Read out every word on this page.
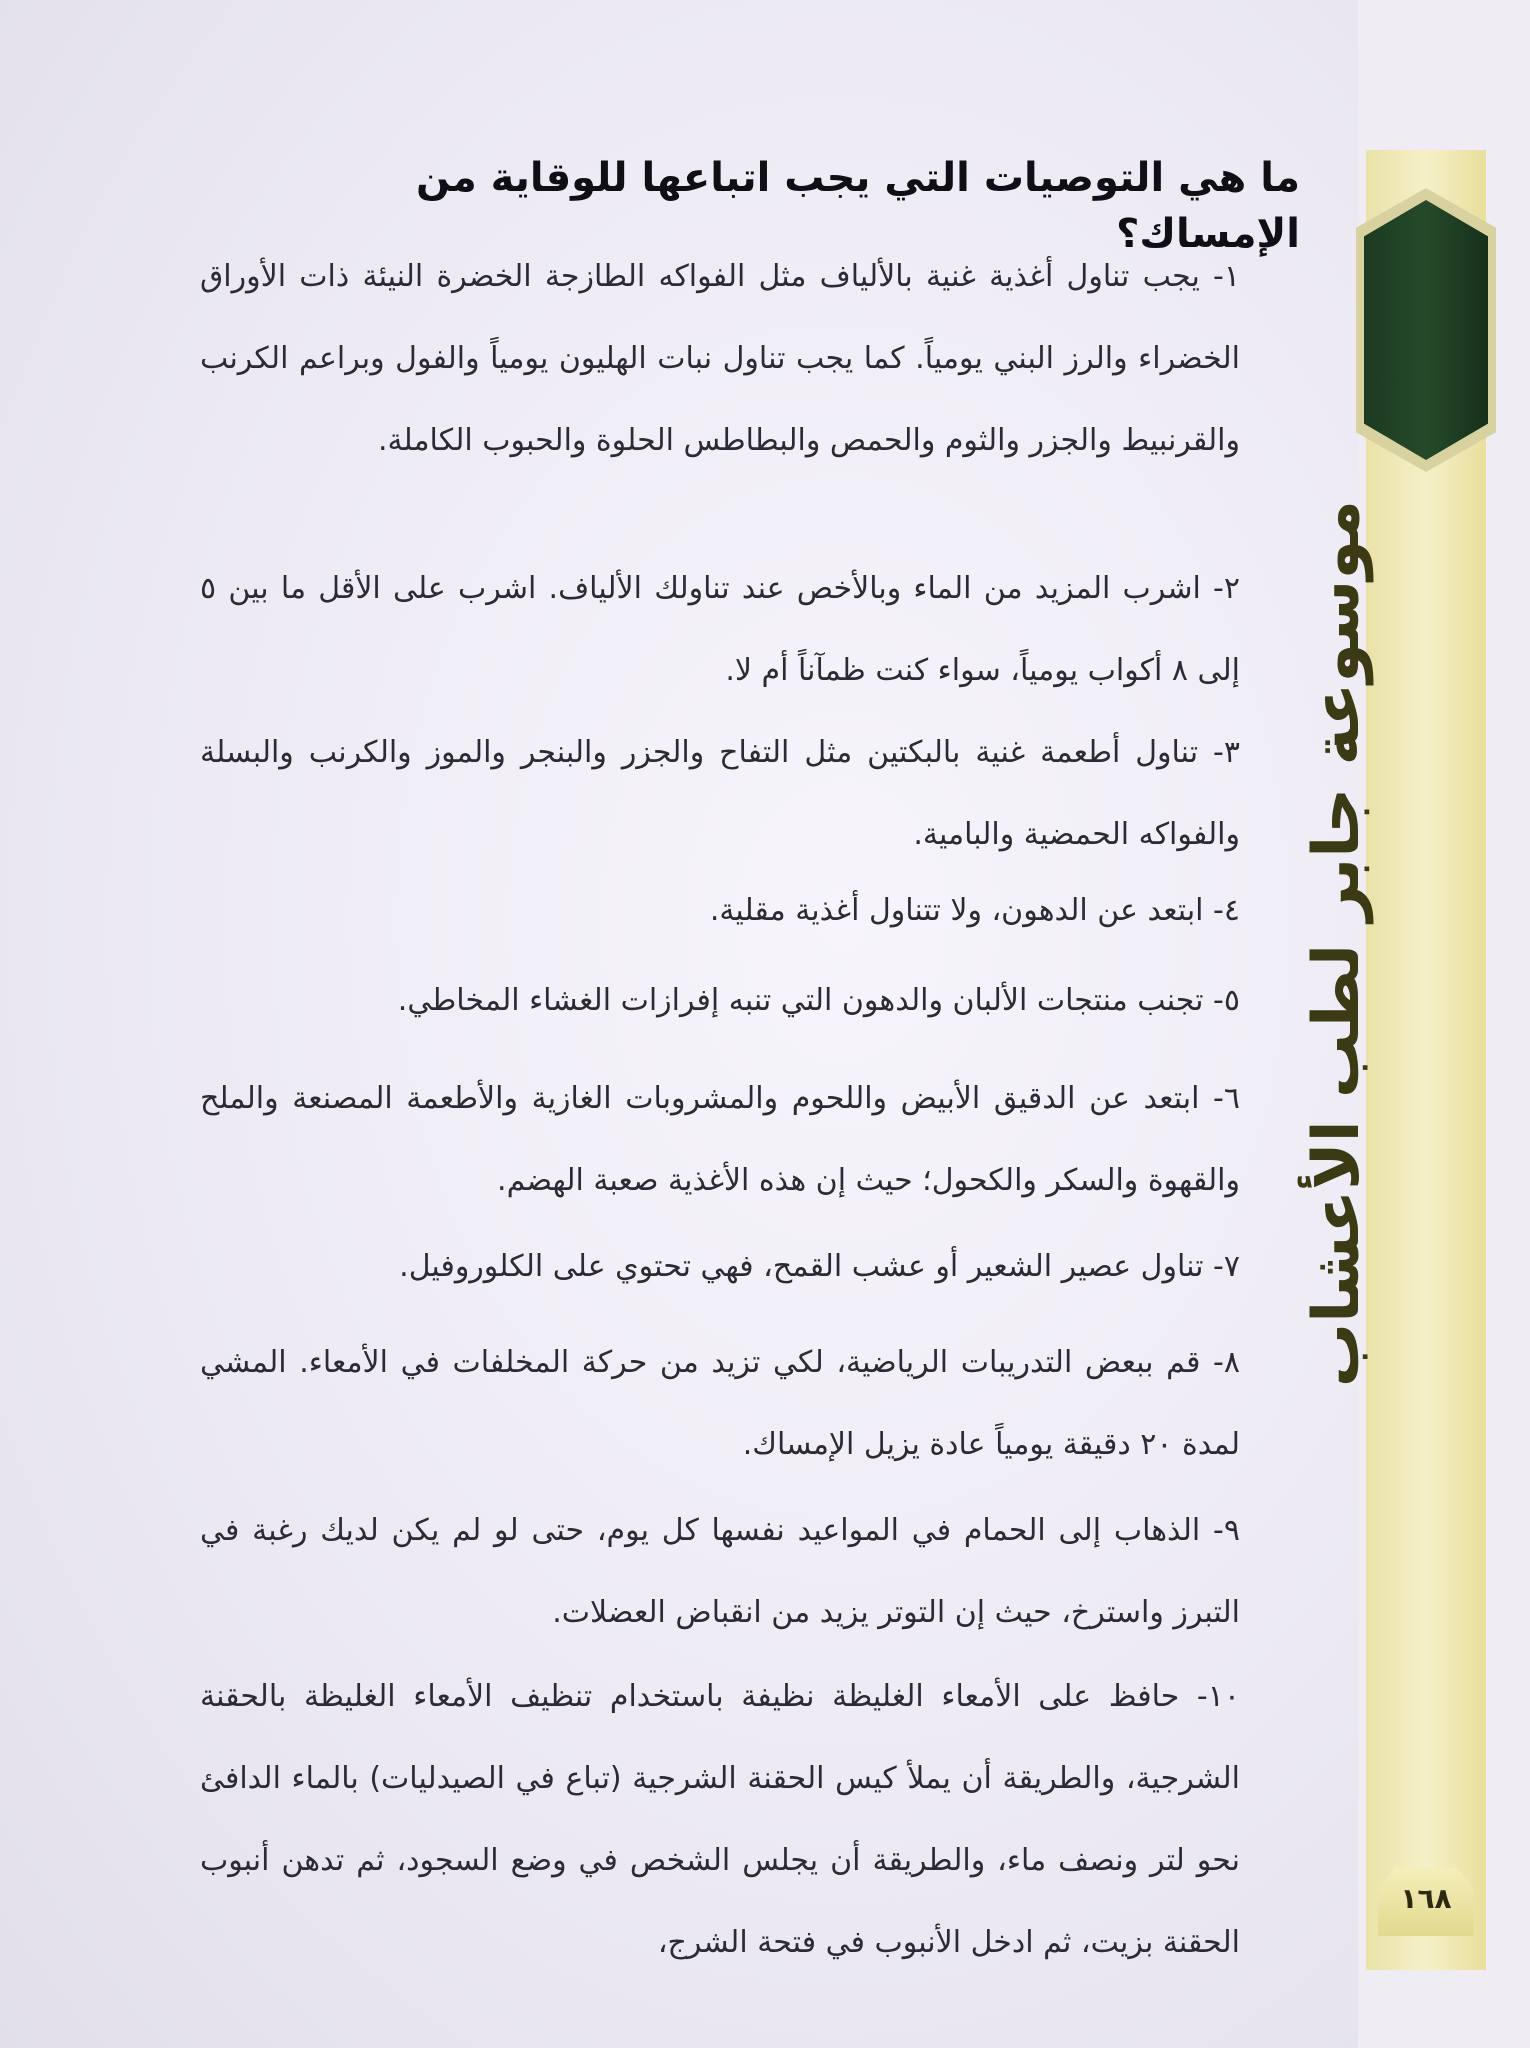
موسوعة جابر لطب الأعشاب
١٦٨
ما هي التوصيات التي يجب اتباعها للوقاية من الإمساك؟
١- يجب تناول أغذية غنية بالألياف مثل الفواكه الطازجة الخضرة النيئة ذات الأوراق الخضراء والرز البني يومياً. كما يجب تناول نبات الهليون يومياً والفول وبراعم الكرنب والقرنبيط والجزر والثوم والحمص والبطاطس الحلوة والحبوب الكاملة.
٢- اشرب المزيد من الماء وبالأخص عند تناولك الألياف. اشرب على الأقل ما بين ٥ إلى ٨ أكواب يومياً، سواء كنت ظمآناً أم لا.
٣- تناول أطعمة غنية بالبكتين مثل التفاح والجزر والبنجر والموز والكرنب والبسلة والفواكه الحمضية والبامية.
٤- ابتعد عن الدهون، ولا تتناول أغذية مقلية.
٥- تجنب منتجات الألبان والدهون التي تنبه إفرازات الغشاء المخاطي.
٦- ابتعد عن الدقيق الأبيض واللحوم والمشروبات الغازية والأطعمة المصنعة والملح والقهوة والسكر والكحول؛ حيث إن هذه الأغذية صعبة الهضم.
٧- تناول عصير الشعير أو عشب القمح، فهي تحتوي على الكلوروفيل.
٨- قم ببعض التدريبات الرياضية، لكي تزيد من حركة المخلفات في الأمعاء. المشي لمدة ٢٠ دقيقة يومياً عادة يزيل الإمساك.
٩- الذهاب إلى الحمام في المواعيد نفسها كل يوم، حتى لو لم يكن لديك رغبة في التبرز واسترخ، حيث إن التوتر يزيد من انقباض العضلات.
١٠- حافظ على الأمعاء الغليظة نظيفة باستخدام تنظيف الأمعاء الغليظة بالحقنة الشرجية، والطريقة أن يملأ كيس الحقنة الشرجية (تباع في الصيدليات) بالماء الدافئ نحو لتر ونصف ماء، والطريقة أن يجلس الشخص في وضع السجود، ثم تدهن أنبوب الحقنة بزيت، ثم ادخل الأنبوب في فتحة الشرج،
